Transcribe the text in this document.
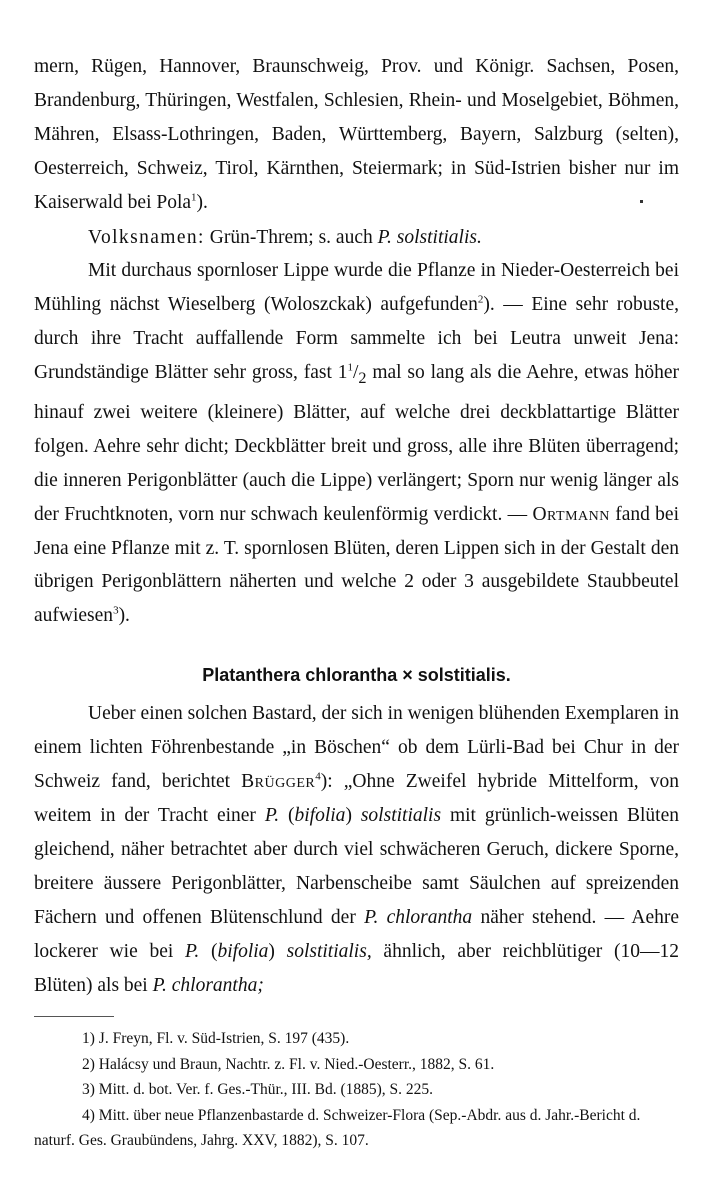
mern, Rügen, Hannover, Braunschweig, Prov. und Königr. Sachsen, Posen, Brandenburg, Thüringen, Westfalen, Schlesien, Rhein- und Moselgebiet, Böhmen, Mähren, Elsass-Lothringen, Baden, Württemberg, Bayern, Salzburg (selten), Oesterreich, Schweiz, Tirol, Kärnthen, Steiermark; in Süd-Istrien bisher nur im Kaiserwald bei Pola$^1$).

Volksnamen: Grün-Threm; s. auch P. solstitialis.

Mit durchaus spornloser Lippe wurde die Pflanze in Nieder-Oesterreich bei Mühling nächst Wieselberg (Woloszckak) aufgefunden$^2$). — Eine sehr robuste, durch ihre Tracht auffallende Form sammelte ich bei Leutra unweit Jena: Grundständige Blätter sehr gross, fast $1^1/_2$ mal so lang als die Aehre, etwas höher hinauf zwei weitere (kleinere) Blätter, auf welche drei deckblattartige Blätter folgen. Aehre sehr dicht; Deckblätter breit und gross, alle ihre Blüten überragend; die inneren Perigonblätter (auch die Lippe) verlängert; Sporn nur wenig länger als der Fruchtknoten, vorn nur schwach keulenförmig verdickt. — Ortmann fand bei Jena eine Pflanze mit z. T. spornlosen Blüten, deren Lippen sich in der Gestalt den übrigen Perigonblättern näherten und welche 2 oder 3 ausgebildete Staubbeutel aufwiesen$^3$).

Platanthera chlorantha × solstitialis.

Ueber einen solchen Bastard, der sich in wenigen blühenden Exemplaren in einem lichten Föhrenbestande „in Böschen“ ob dem Lürli-Bad bei Chur in der Schweiz fand, berichtet Brügger$^4$): „Ohne Zweifel hybride Mittelform, von weitem in der Tracht einer P. (bifolia) solstitialis mit grünlich-weissen Blüten gleichend, näher betrachtet aber durch viel schwächeren Geruch, dickere Sporne, breitere äussere Perigonblätter, Narbenscheibe samt Säulchen auf spreizenden Fächern und offenen Blütenschlund der P. chlorantha näher stehend. — Aehre lockerer wie bei P. (bifolia) solstitialis, ähnlich, aber reichblütiger (10—12 Blüten) als bei P. chlorantha;

1) J. Freyn, Fl. v. Süd-Istrien, S. 197 (435).

2) Halácsy und Braun, Nachtr. z. Fl. v. Nied.-Oesterr., 1882, S. 61.

3) Mitt. d. bot. Ver. f. Ges.-Thür., III. Bd. (1885), S. 225.

4) Mitt. über neue Pflanzenbastarde d. Schweizer-Flora (Sep.-Abdr. aus d. Jahr.-Bericht d. naturf. Ges. Graubündens, Jahrg. XXV, 1882), S. 107.
